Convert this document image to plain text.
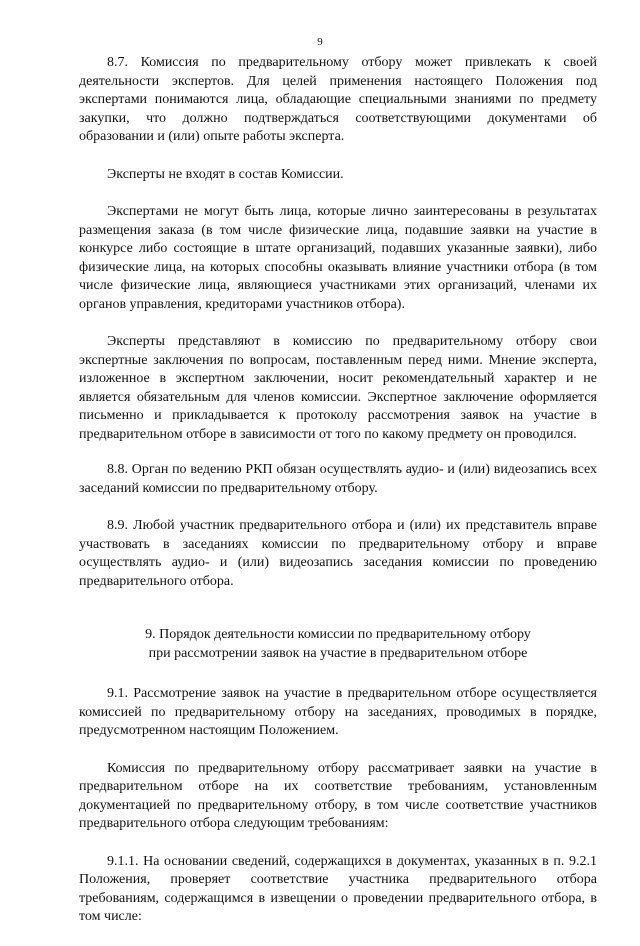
9

8.7. Комиссия по предварительному отбору может привлекать к своей деятельности экспертов. Для целей применения настоящего Положения под экспертами понимаются лица, обладающие специальными знаниями по предмету закупки, что должно подтверждаться соответствующими документами об образовании и (или) опыте работы эксперта.

Эксперты не входят в состав Комиссии.

Экспертами не могут быть лица, которые лично заинтересованы в результатах размещения заказа (в том числе физические лица, подавшие заявки на участие в конкурсе либо состоящие в штате организаций, подавших указанные заявки), либо физические лица, на которых способны оказывать влияние участники отбора (в том числе физические лица, являющиеся участниками этих организаций, членами их органов управления, кредиторами участников отбора).

Эксперты представляют в комиссию по предварительному отбору свои экспертные заключения по вопросам, поставленным перед ними. Мнение эксперта, изложенное в экспертном заключении, носит рекомендательный характер и не является обязательным для членов комиссии. Экспертное заключение оформляется письменно и прикладывается к протоколу рассмотрения заявок на участие в предварительном отборе в зависимости от того по какому предмету он проводился.

8.8. Орган по ведению РКП обязан осуществлять аудио- и (или) видеозапись всех заседаний комиссии по предварительному отбору.

8.9. Любой участник предварительного отбора и (или) их представитель вправе участвовать в заседаниях комиссии по предварительному отбору и вправе осуществлять аудио- и (или) видеозапись заседания комиссии по проведению предварительного отбора.

9. Порядок деятельности комиссии по предварительному отбору
при рассмотрении заявок на участие в предварительном отборе

9.1. Рассмотрение заявок на участие в предварительном отборе осуществляется комиссией по предварительному отбору на заседаниях, проводимых в порядке, предусмотренном настоящим Положением.

Комиссия по предварительному отбору рассматривает заявки на участие в предварительном отборе на их соответствие требованиям, установленным документацией по предварительному отбору, в том числе соответствие участников предварительного отбора следующим требованиям:

9.1.1. На основании сведений, содержащихся в документах, указанных в п. 9.2.1 Положения, проверяет соответствие участника предварительного отбора требованиям, содержащимся в извещении о проведении предварительного отбора, в том числе:
